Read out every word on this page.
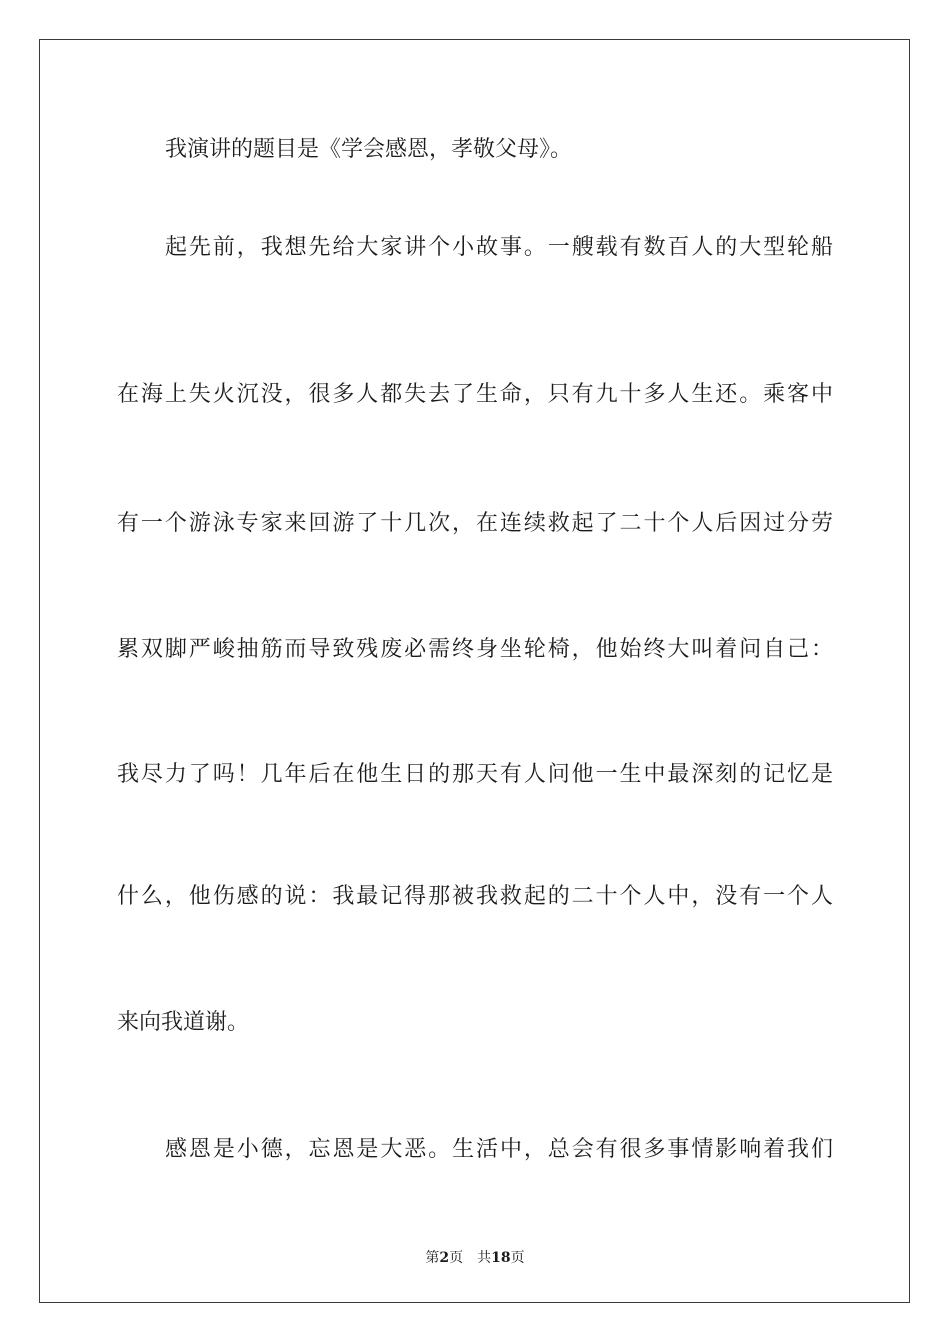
我演讲的题目是《学会感恩，孝敬父母》。
起先前，我想先给大家讲个小故事。一艘载有数百人的大型轮船
在海上失火沉没，很多人都失去了生命，只有九十多人生还。乘客中
有一个游泳专家来回游了十几次，在连续救起了二十个人后因过分劳
累双脚严峻抽筋而导致残废必需终身坐轮椅，他始终大叫着问自己：
我尽力了吗！几年后在他生日的那天有人问他一生中最深刻的记忆是
什么，他伤感的说：我最记得那被我救起的二十个人中，没有一个人
来向我道谢。
感恩是小德，忘恩是大恶。生活中，总会有很多事情影响着我们
第2页 共18页
